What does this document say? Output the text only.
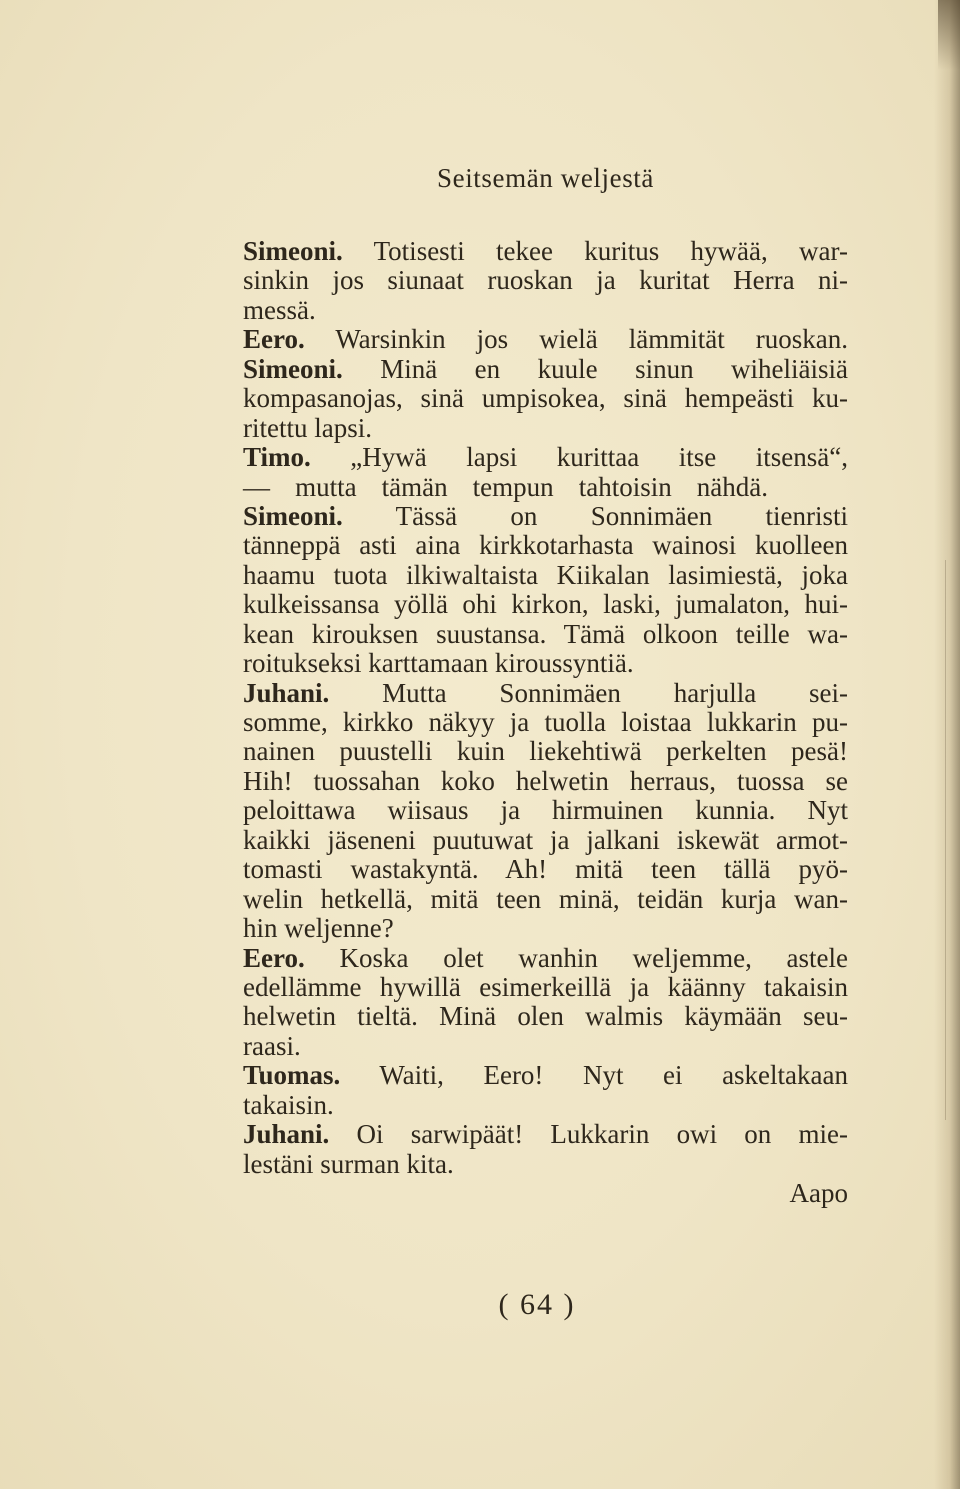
Seitsemän weljestä
Simeoni. Totisesti tekee kuritus hywää, war-
sinkin jos siunaat ruoskan ja kuritat Herra ni-
messä.
Eero. Warsinkin jos wielä lämmität ruoskan.
Simeoni. Minä en kuule sinun wiheliäisiä
kompasanojas, sinä umpisokea, sinä hempeästi ku-
ritettu lapsi.
Timo. „Hywä lapsi kurittaa itse itsensä“,
— mutta tämän tempun tahtoisin nähdä.
Simeoni. Tässä on Sonnimäen tienristi
tänneppä asti aina kirkkotarhasta wainosi kuolleen
haamu tuota ilkiwaltaista Kiikalan lasimiestä, joka
kulkeissansa yöllä ohi kirkon, laski, jumalaton, hui-
kean kirouksen suustansa. Tämä olkoon teille wa-
roitukseksi karttamaan kiroussyntiä.
Juhani. Mutta Sonnimäen harjulla sei-
somme, kirkko näkyy ja tuolla loistaa lukkarin pu-
nainen puustelli kuin liekehtiwä perkelten pesä!
Hih! tuossahan koko helwetin herraus, tuossa se
peloittawa wiisaus ja hirmuinen kunnia. Nyt
kaikki jäseneni puutuwat ja jalkani iskewät armot-
tomasti wastakyntä. Ah! mitä teen tällä pyö-
welin hetkellä, mitä teen minä, teidän kurja wan-
hin weljenne?
Eero. Koska olet wanhin weljemme, astele
edellämme hywillä esimerkeillä ja käänny takaisin
helwetin tieltä. Minä olen walmis käymään seu-
raasi.
Tuomas. Waiti, Eero! Nyt ei askeltakaan
takaisin.
Juhani. Oi sarwipäät! Lukkarin owi on mie-
lestäni surman kita.
Aapo
( 64 )
